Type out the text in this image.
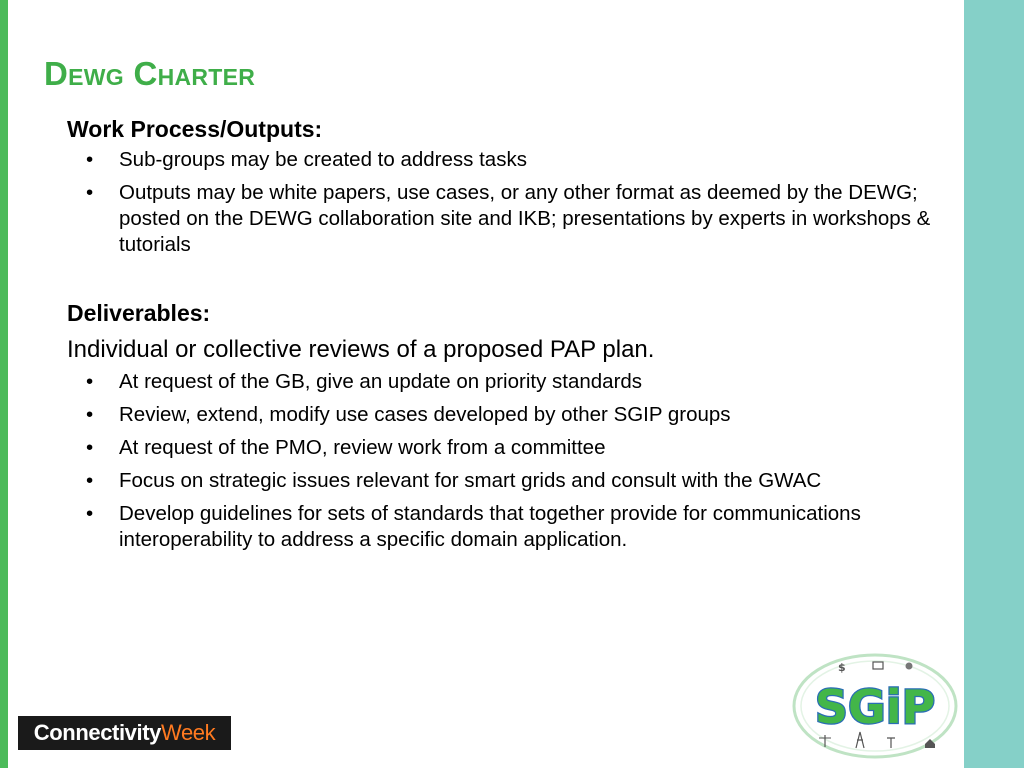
Dewg Charter

Work Process/Outputs:

• Sub-groups may be created to address tasks
• Outputs may be white papers, use cases, or any other format as deemed by the DEWG; posted on the DEWG collaboration site and IKB; presentations by experts in workshops & tutorials

Deliverables:

Individual or collective reviews of a proposed PAP plan.

• At request of the GB, give an update on priority standards
• Review, extend, modify use cases developed by other SGIP groups
• At request of the PMO, review work from a committee
• Focus on strategic issues relevant for smart grids and consult with the GWAC
• Develop guidelines for sets of standards that together provide for communications interoperability to address a specific domain application.
Connectivity Week
$
SGiP
